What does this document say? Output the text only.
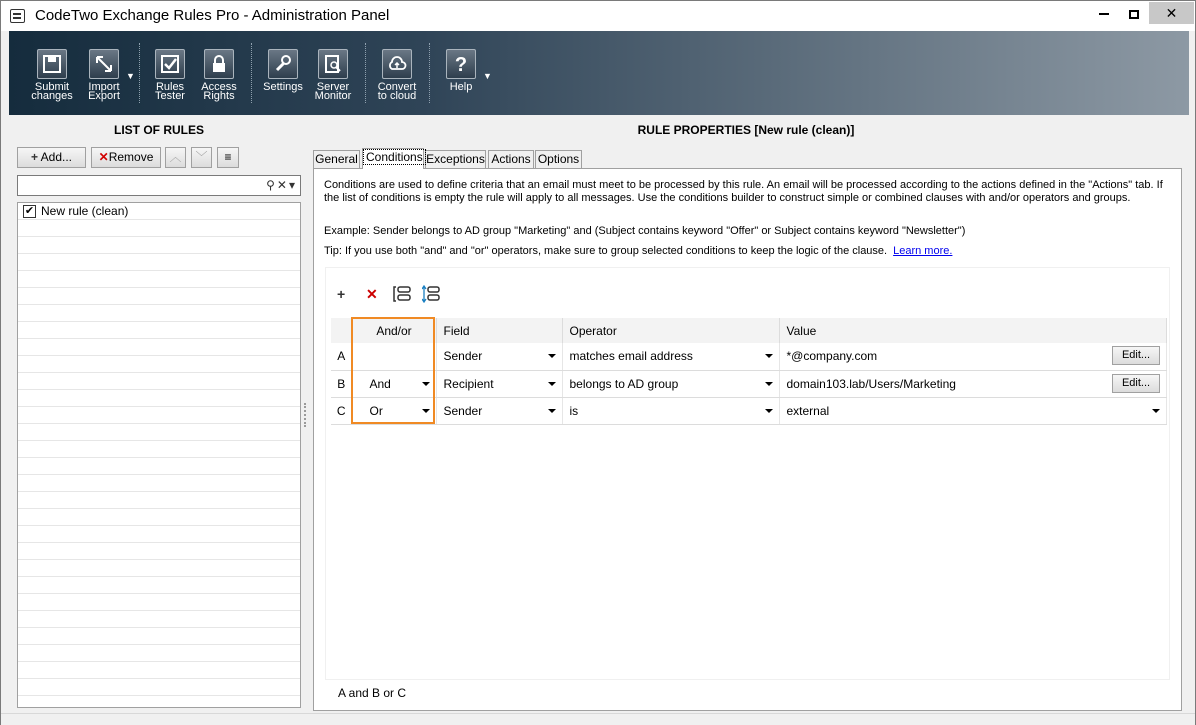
CodeTwo Exchange Rules Pro - Administration Panel	✕
Submit
changes
Import
Export
▼
Rules
Tester
Access
Rights
Settings	Server
Monitor
Convert
to cloud
?
Help
▼
LIST OF RULES
+ Add...	✕Remove	︿	﹀	≡
⚲✕▾
✔ New rule (clean)
RULE PROPERTIES [New rule (clean)]
General Conditions Exceptions Actions Options
Conditions are used to define criteria that an email must meet to be processed by this rule. An email will be processed according to the actions defined in the "Actions" tab. If the list of conditions is empty the rule will apply to all messages. Use the conditions builder to construct simple or combined clauses with and/or operators and groups.
Example: Sender belongs to AD group "Marketing" and (Subject contains keyword "Offer" or Subject contains keyword "Newsletter")
Tip: If you use both "and" and "or" operators, make sure to group selected conditions to keep the logic of the clause. Learn more.
+ ✕
	And/or	Field	Operator	Value
A		Sender	matches email address	*@company.com Edit...

B	And	Recipient	belongs to AD group	domain103.lab/Users/Marketing Edit...

C	Or	Sender	is	external
A and B or C
